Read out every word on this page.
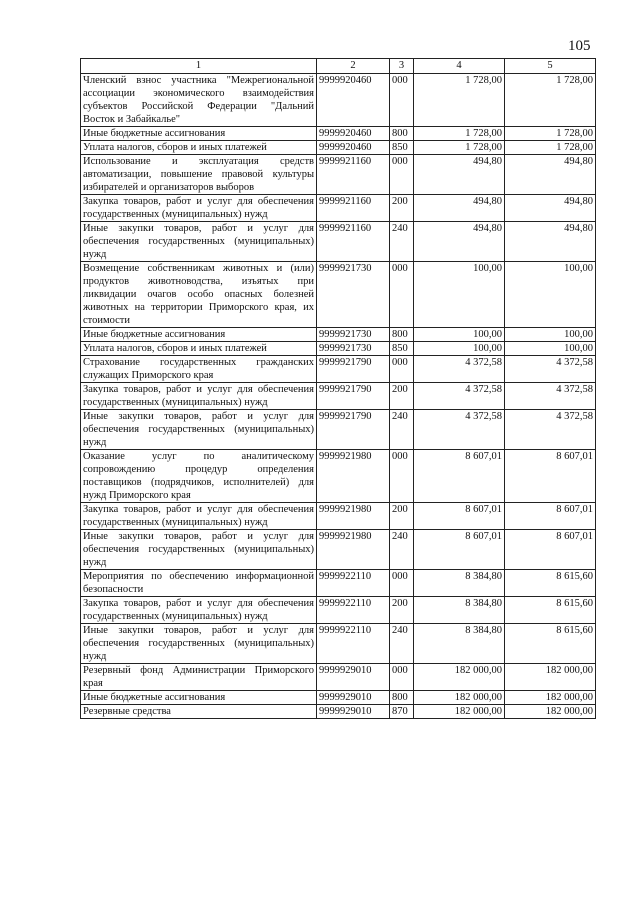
105
1	2	3	4	5
Членский взнос участника "Межрегиональной ассоциации экономического взаимодействия субъектов Российской Федерации "Дальний Восток и Забайкалье"	9999920460	000	1 728,00	1 728,00
Иные бюджетные ассигнования	9999920460	800	1 728,00	1 728,00
Уплата налогов, сборов и иных платежей	9999920460	850	1 728,00	1 728,00
Использование и эксплуатация средств автоматизации, повышение правовой культуры избирателей и организаторов выборов	9999921160	000	494,80	494,80
Закупка товаров, работ и услуг для обеспечения государственных (муниципальных) нужд	9999921160	200	494,80	494,80
Иные закупки товаров, работ и услуг для обеспечения государственных (муниципальных) нужд	9999921160	240	494,80	494,80
Возмещение собственникам животных и (или) продуктов животноводства, изъятых при ликвидации очагов особо опасных болезней животных на территории Приморского края, их стоимости	9999921730	000	100,00	100,00
Иные бюджетные ассигнования	9999921730	800	100,00	100,00
Уплата налогов, сборов и иных платежей	9999921730	850	100,00	100,00
Страхование государственных гражданских служащих Приморского края	9999921790	000	4 372,58	4 372,58
Закупка товаров, работ и услуг для обеспечения государственных (муниципальных) нужд	9999921790	200	4 372,58	4 372,58
Иные закупки товаров, работ и услуг для обеспечения государственных (муниципальных) нужд	9999921790	240	4 372,58	4 372,58
Оказание услуг по аналитическому сопровождению процедур определения поставщиков (подрядчиков, исполнителей) для нужд Приморского края	9999921980	000	8 607,01	8 607,01
Закупка товаров, работ и услуг для обеспечения государственных (муниципальных) нужд	9999921980	200	8 607,01	8 607,01
Иные закупки товаров, работ и услуг для обеспечения государственных (муниципальных) нужд	9999921980	240	8 607,01	8 607,01
Мероприятия по обеспечению информационной безопасности	9999922110	000	8 384,80	8 615,60
Закупка товаров, работ и услуг для обеспечения государственных (муниципальных) нужд	9999922110	200	8 384,80	8 615,60
Иные закупки товаров, работ и услуг для обеспечения государственных (муниципальных) нужд	9999922110	240	8 384,80	8 615,60
Резервный фонд Администрации Приморского края	9999929010	000	182 000,00	182 000,00
Иные бюджетные ассигнования	9999929010	800	182 000,00	182 000,00
Резервные средства	9999929010	870	182 000,00	182 000,00
